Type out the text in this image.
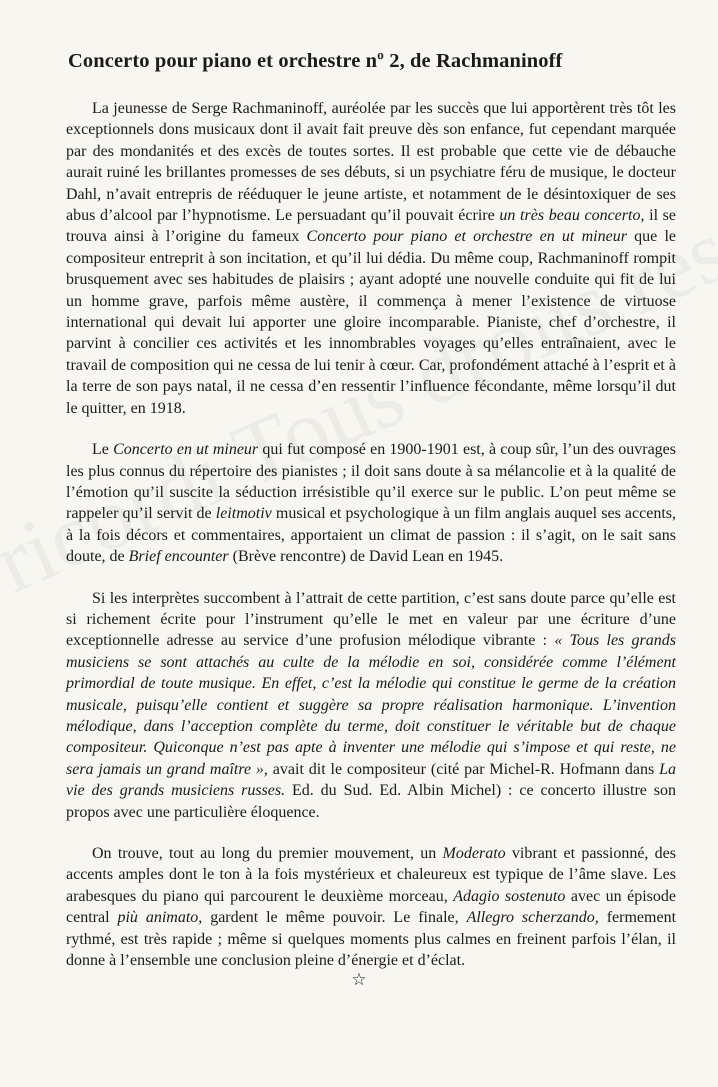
Concerto pour piano et orchestre nº 2, de Rachmaninoff

La jeunesse de Serge Rachmaninoff, auréolée par les succès que lui apportèrent très tôt les exceptionnels dons musicaux dont il avait fait preuve dès son enfance, fut cependant marquée par des mondanités et des excès de toutes sortes. Il est probable que cette vie de débauche aurait ruiné les brillantes promesses de ses débuts, si un psychiatre féru de musique, le docteur Dahl, n’avait entrepris de rééduquer le jeune artiste, et notamment de le désintoxiquer de ses abus d’alcool par l’hypnotisme. Le persuadant qu’il pouvait écrire un très beau concerto, il se trouva ainsi à l’origine du fameux Concerto pour piano et orchestre en ut mineur que le compositeur entreprit à son incitation, et qu’il lui dédia. Du même coup, Rachmaninoff rompit brusquement avec ses habitudes de plaisirs ; ayant adopté une nouvelle conduite qui fit de lui un homme grave, parfois même austère, il commença à mener l’existence de virtuose international qui devait lui apporter une gloire incomparable. Pianiste, chef d’orchestre, il parvint à concilier ces activités et les innombrables voyages qu’elles entraînaient, avec le travail de composition qui ne cessa de lui tenir à cœur. Car, profondément attaché à l’esprit et à la terre de son pays natal, il ne cessa d’en ressentir l’influence fécondante, même lorsqu’il dut le quitter, en 1918.

Le Concerto en ut mineur qui fut composé en 1900-1901 est, à coup sûr, l’un des ouvrages les plus connus du répertoire des pianistes ; il doit sans doute à sa mélancolie et à la qualité de l’émotion qu’il suscite la séduction irrésistible qu’il exerce sur le public. L’on peut même se rappeler qu’il servit de leitmotiv musical et psychologique à un film anglais auquel ses accents, à la fois décors et commentaires, apportaient un climat de passion : il s’agit, on le sait sans doute, de Brief encounter (Brève rencontre) de David Lean en 1945.

Si les interprètes succombent à l’attrait de cette partition, c’est sans doute parce qu’elle est si richement écrite pour l’instrument qu’elle le met en valeur par une écriture d’une exceptionnelle adresse au service d’une profusion mélodique vibrante : « Tous les grands musiciens se sont attachés au culte de la mélodie en soi, considérée comme l’élément primordial de toute musique. En effet, c’est la mélodie qui constitue le germe de la création musicale, puisqu’elle contient et suggère sa propre réalisation harmonique. L’invention mélodique, dans l’acception complète du terme, doit constituer le véritable but de chaque compositeur. Quiconque n’est pas apte à inventer une mélodie qui s’impose et qui reste, ne sera jamais un grand maître », avait dit le compositeur (cité par Michel-R. Hofmann dans La vie des grands musiciens russes. Ed. du Sud. Ed. Albin Michel) : ce concerto illustre son propos avec une particulière éloquence.

On trouve, tout au long du premier mouvement, un Moderato vibrant et passionné, des accents amples dont le ton à la fois mystérieux et chaleureux est typique de l’âme slave. Les arabesques du piano qui parcourent le deuxième morceau, Adagio sostenuto avec un épisode central più animato, gardent le même pouvoir. Le finale, Allegro scherzando, fermement rythmé, est très rapide ; même si quelques moments plus calmes en freinent parfois l’élan, il donne à l’ensemble une conclusion pleine d’énergie et d’éclat.

☆
